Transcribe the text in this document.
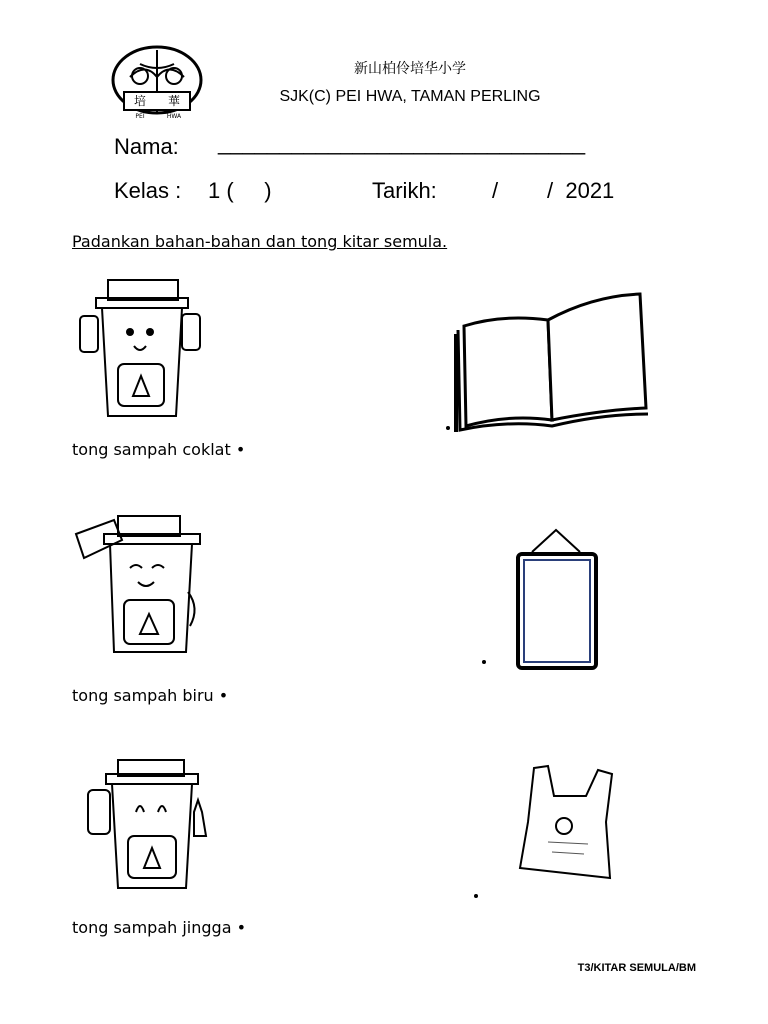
培 華
PEI	HWA
新山柏伶培华小学
SJK(C) PEI HWA, TAMAN PERLING
Nama: ______________________________
Kelas : 1 (     )	Tarikh:	/        /  2021
Padankan bahan-bahan dan tong kitar semula.
tong sampah coklat •
tong sampah biru •
tong sampah jingga •
T3/KITAR SEMULA/BM
